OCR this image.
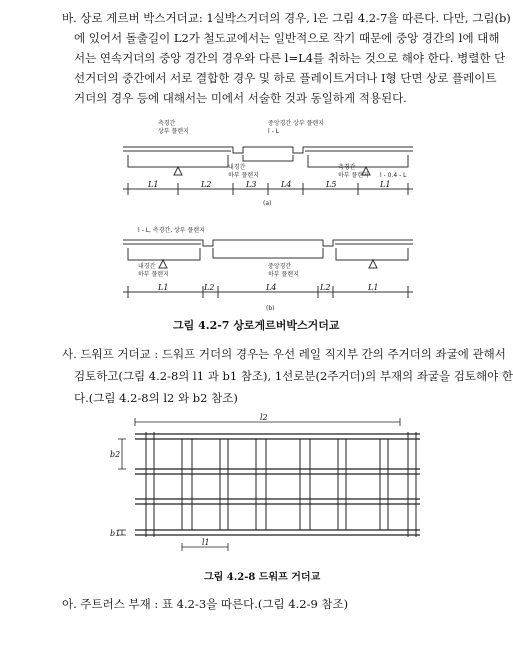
바. 상로 게르버 박스거더교: 1실박스거더의 경우, l은 그림 4.2-7을 따른다. 다만, 그림(b)
에 있어서 돌출길이 L2가 철도교에서는 일반적으로 작기 때문에 중앙 경간의 l에 대해
서는 연속거더의 중앙 경간의 경우와 다른 l=L4를 취하는 것으로 해야 한다. 병렬한 단
선거더의 중간에서 서로 결합한 경우 및 하로 플레이트거더나 I형 단면 상로 플레이트
거더의 경우 등에 대해서는 미에서 서술한 것과 동일하게 적용된다.
측경간
상부 플랜지
중앙경간 상부 플랜지
l - L
내경간
하부 플랜지
측경간
하부 플랜지 l - 0.4 - L
L1	L2	L3	L4	L5	L1
(a)
l - L, 측경간, 상부 플랜지
내경간
하부 플랜지
중앙경간
하부 플랜지
L1	L2	L4	L2	L1
(b)
그림 4.2-7 상로게르버박스거더교
사. 드워프 거더교 : 드워프 거더의 경우는 우선 레일 직지부 간의 주거더의 좌굴에 관해서
검토하고(그림 4.2-8의 l1 과 b1 참조), 1선로분(2주거더)의 부재의 좌굴을 검토해야 한
다.(그림 4.2-8의 l2 와 b2 참조)
l2
b2
b1
l1
그림 4.2-8 드워프 거더교
아. 주트러스 부재 : 표 4.2-3을 따른다.(그림 4.2-9 참조)
